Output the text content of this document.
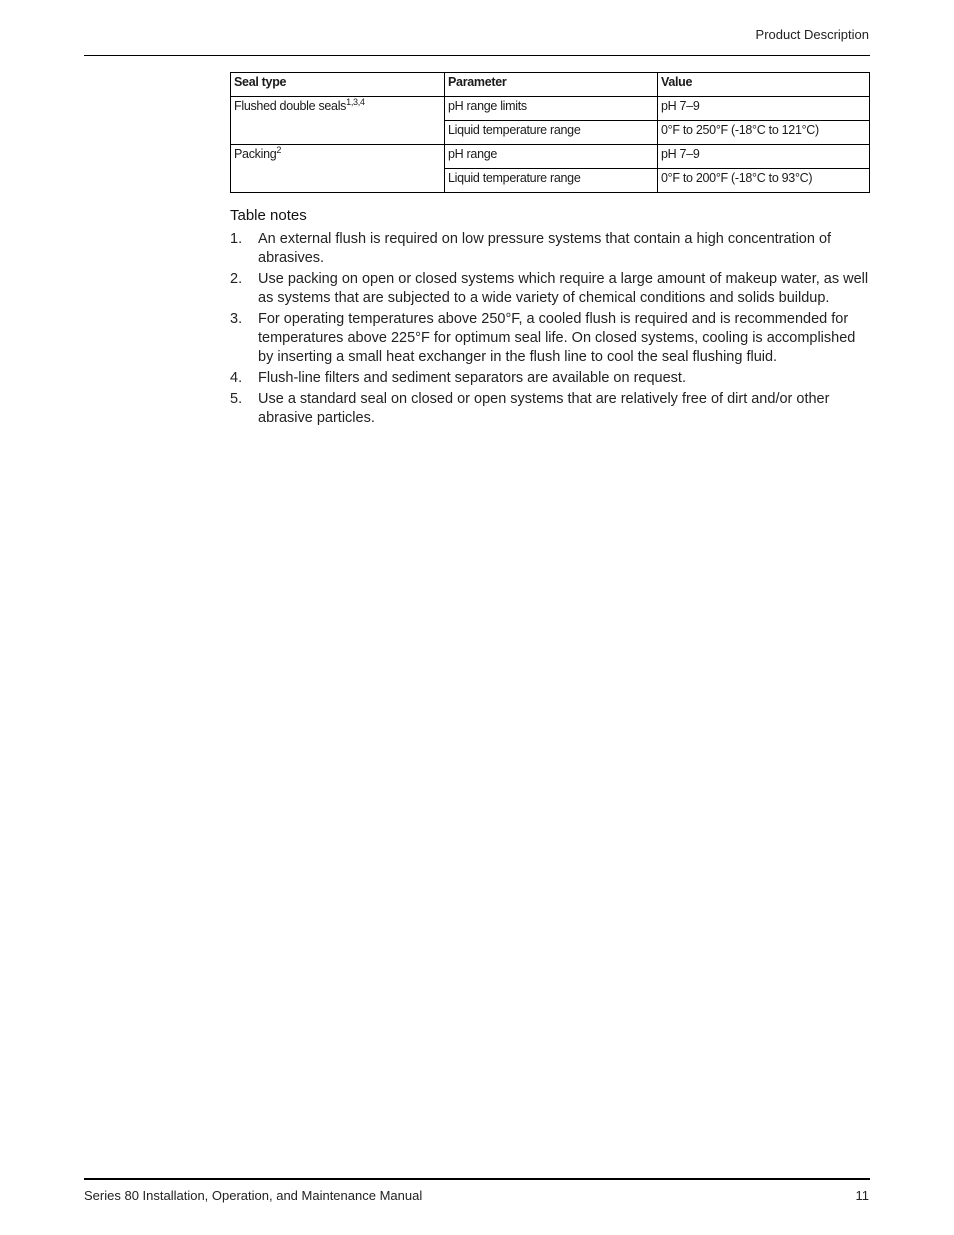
Product Description
Seal type	Parameter	Value
Flushed double seals$^{1,3,4}$	pH range limits	pH 7–9
	Liquid temperature range	0°F to 250°F (-18°C to 121°C)
Packing$^2$	pH range	pH 7–9
	Liquid temperature range	0°F to 200°F (-18°C to 93°C)
Table notes
1. An external flush is required on low pressure systems that contain a high concentration of abrasives.
2. Use packing on open or closed systems which require a large amount of makeup water, as well as systems that are subjected to a wide variety of chemical conditions and solids buildup.
3. For operating temperatures above 250°F, a cooled flush is required and is recommended for temperatures above 225°F for optimum seal life. On closed systems, cooling is accomplished by inserting a small heat exchanger in the flush line to cool the seal flushing fluid.
4. Flush-line filters and sediment separators are available on request.
5. Use a standard seal on closed or open systems that are relatively free of dirt and/or other abrasive particles.
Series 80 Installation, Operation, and Maintenance Manual	11
